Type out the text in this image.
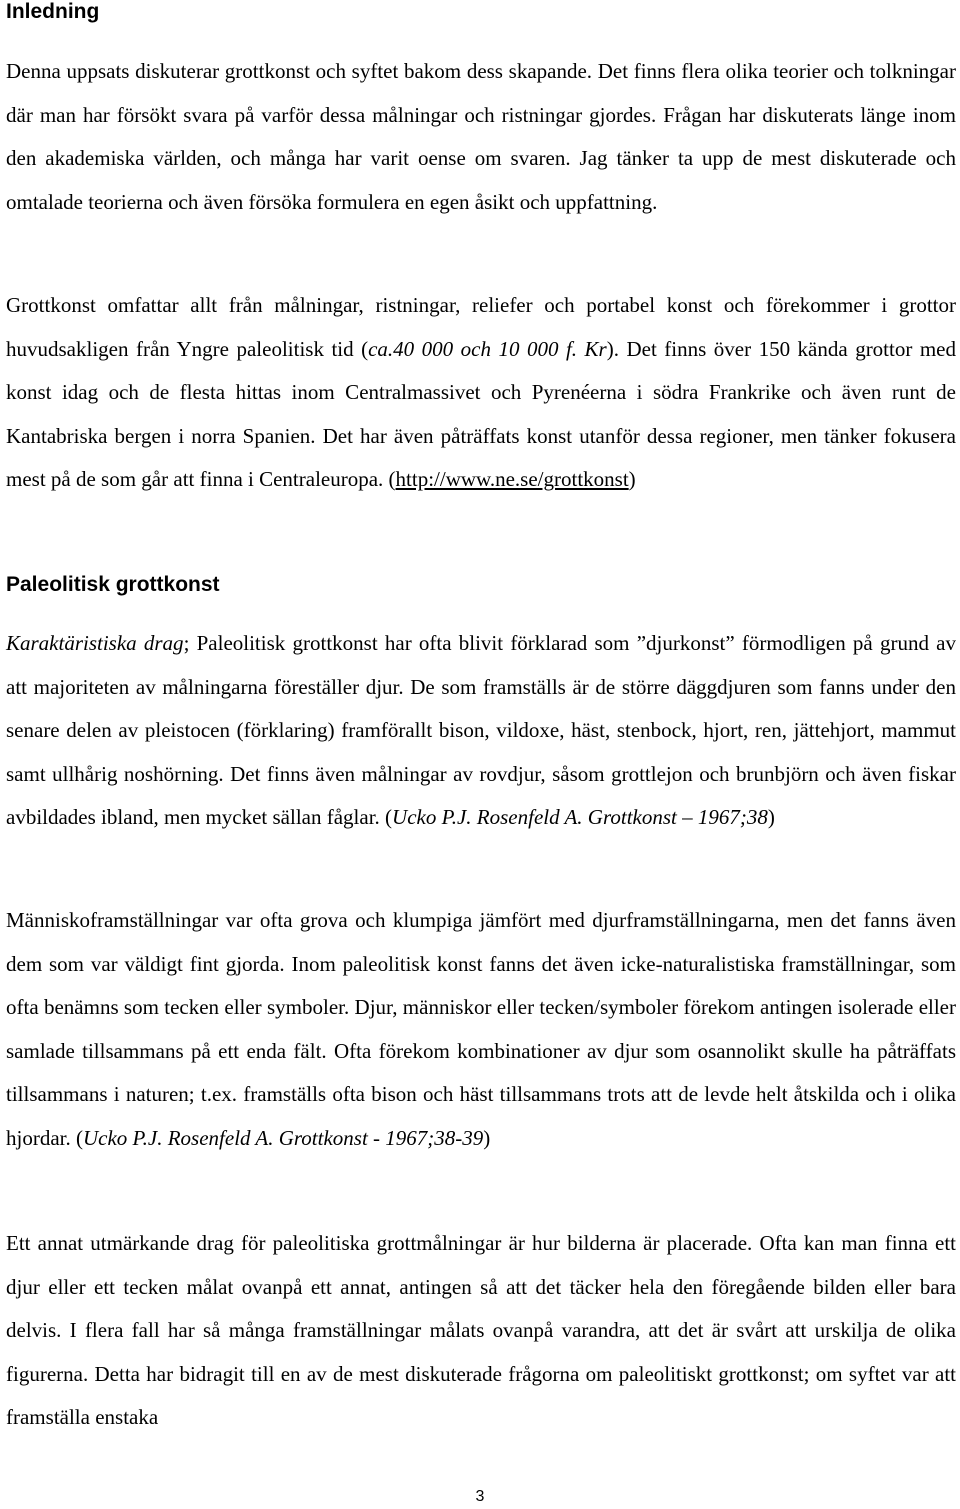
Inledning

Denna uppsats diskuterar grottkonst och syftet bakom dess skapande. Det finns flera olika teorier och tolkningar där man har försökt svara på varför dessa målningar och ristningar gjordes. Frågan har diskuterats länge inom den akademiska världen, och många har varit oense om svaren. Jag tänker ta upp de mest diskuterade och omtalade teorierna och även försöka formulera en egen åsikt och uppfattning.

Grottkonst omfattar allt från målningar, ristningar, reliefer och portabel konst och förekommer i grottor huvudsakligen från Yngre paleolitisk tid (ca.40 000 och 10 000 f. Kr). Det finns över 150 kända grottor med konst idag och de flesta hittas inom Centralmassivet och Pyrenéerna i södra Frankrike och även runt de Kantabriska bergen i norra Spanien. Det har även påträffats konst utanför dessa regioner, men tänker fokusera mest på de som går att finna i Centraleuropa. (http://www.ne.se/grottkonst)

Paleolitisk grottkonst

Karaktäristiska drag; Paleolitisk grottkonst har ofta blivit förklarad som ”djurkonst” förmodligen på grund av att majoriteten av målningarna föreställer djur. De som framställs är de större däggdjuren som fanns under den senare delen av pleistocen (förklaring) framförallt bison, vildoxe, häst, stenbock, hjort, ren, jättehjort, mammut samt ullhårig noshörning. Det finns även målningar av rovdjur, såsom grottlejon och brunbjörn och även fiskar avbildades ibland, men mycket sällan fåglar. (Ucko P.J. Rosenfeld A. Grottkonst – 1967;38)

Människoframställningar var ofta grova och klumpiga jämfört med djurframställningarna, men det fanns även dem som var väldigt fint gjorda. Inom paleolitisk konst fanns det även icke-naturalistiska framställningar, som ofta benämns som tecken eller symboler. Djur, människor eller tecken/symboler förekom antingen isolerade eller samlade tillsammans på ett enda fält. Ofta förekom kombinationer av djur som osannolikt skulle ha påträffats tillsammans i naturen; t.ex. framställs ofta bison och häst tillsammans trots att de levde helt åtskilda och i olika hjordar. (Ucko P.J. Rosenfeld A. Grottkonst - 1967;38-39)

Ett annat utmärkande drag för paleolitiska grottmålningar är hur bilderna är placerade. Ofta kan man finna ett djur eller ett tecken målat ovanpå ett annat, antingen så att det täcker hela den föregående bilden eller bara delvis. I flera fall har så många framställningar målats ovanpå varandra, att det är svårt att urskilja de olika figurerna. Detta har bidragit till en av de mest diskuterade frågorna om paleolitiskt grottkonst; om syftet var att framställa enstaka

3
